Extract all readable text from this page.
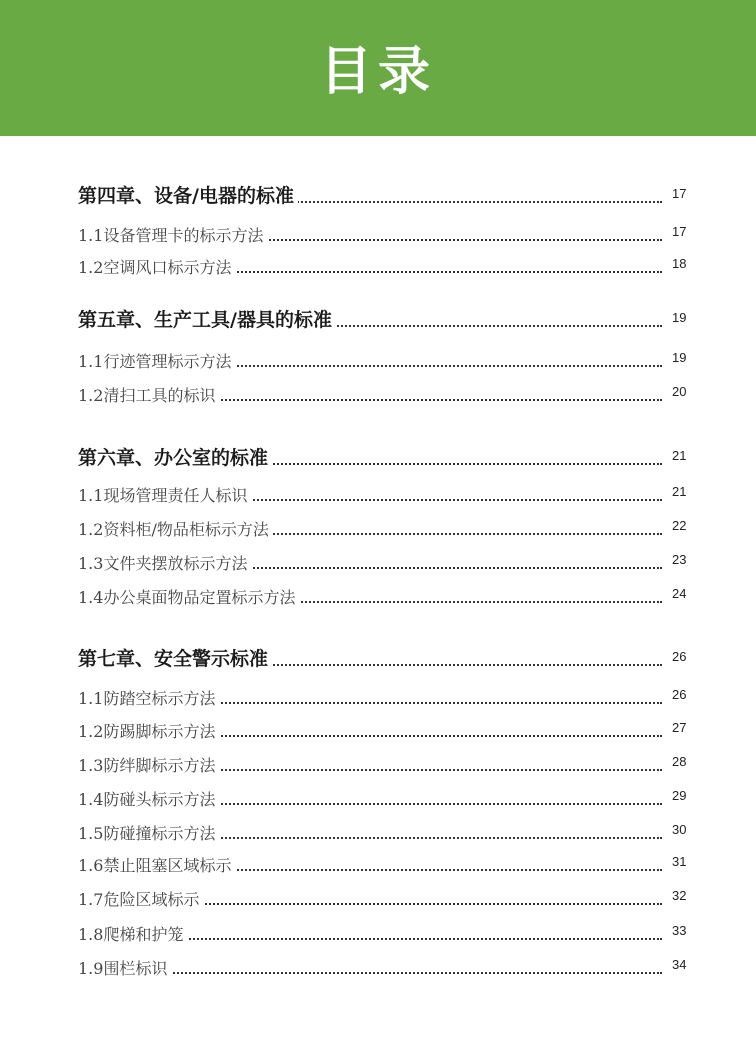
目录
第四章、设备/电器的标准	17
1.1设备管理卡的标示方法	17
1.2空调风口标示方法	18
第五章、生产工具/器具的标准	19
1.1行迹管理标示方法	19
1.2清扫工具的标识	20
第六章、办公室的标准	21
1.1现场管理责任人标识	21
1.2资料柜/物品柜标示方法	22
1.3文件夹摆放标示方法	23
1.4办公桌面物品定置标示方法	24
第七章、安全警示标准	26
1.1防踏空标示方法	26
1.2防踢脚标示方法	27
1.3防绊脚标示方法	28
1.4防碰头标示方法	29
1.5防碰撞标示方法	30
1.6禁止阻塞区域标示	31
1.7危险区域标示	32
1.8爬梯和护笼	33
1.9围栏标识	34
